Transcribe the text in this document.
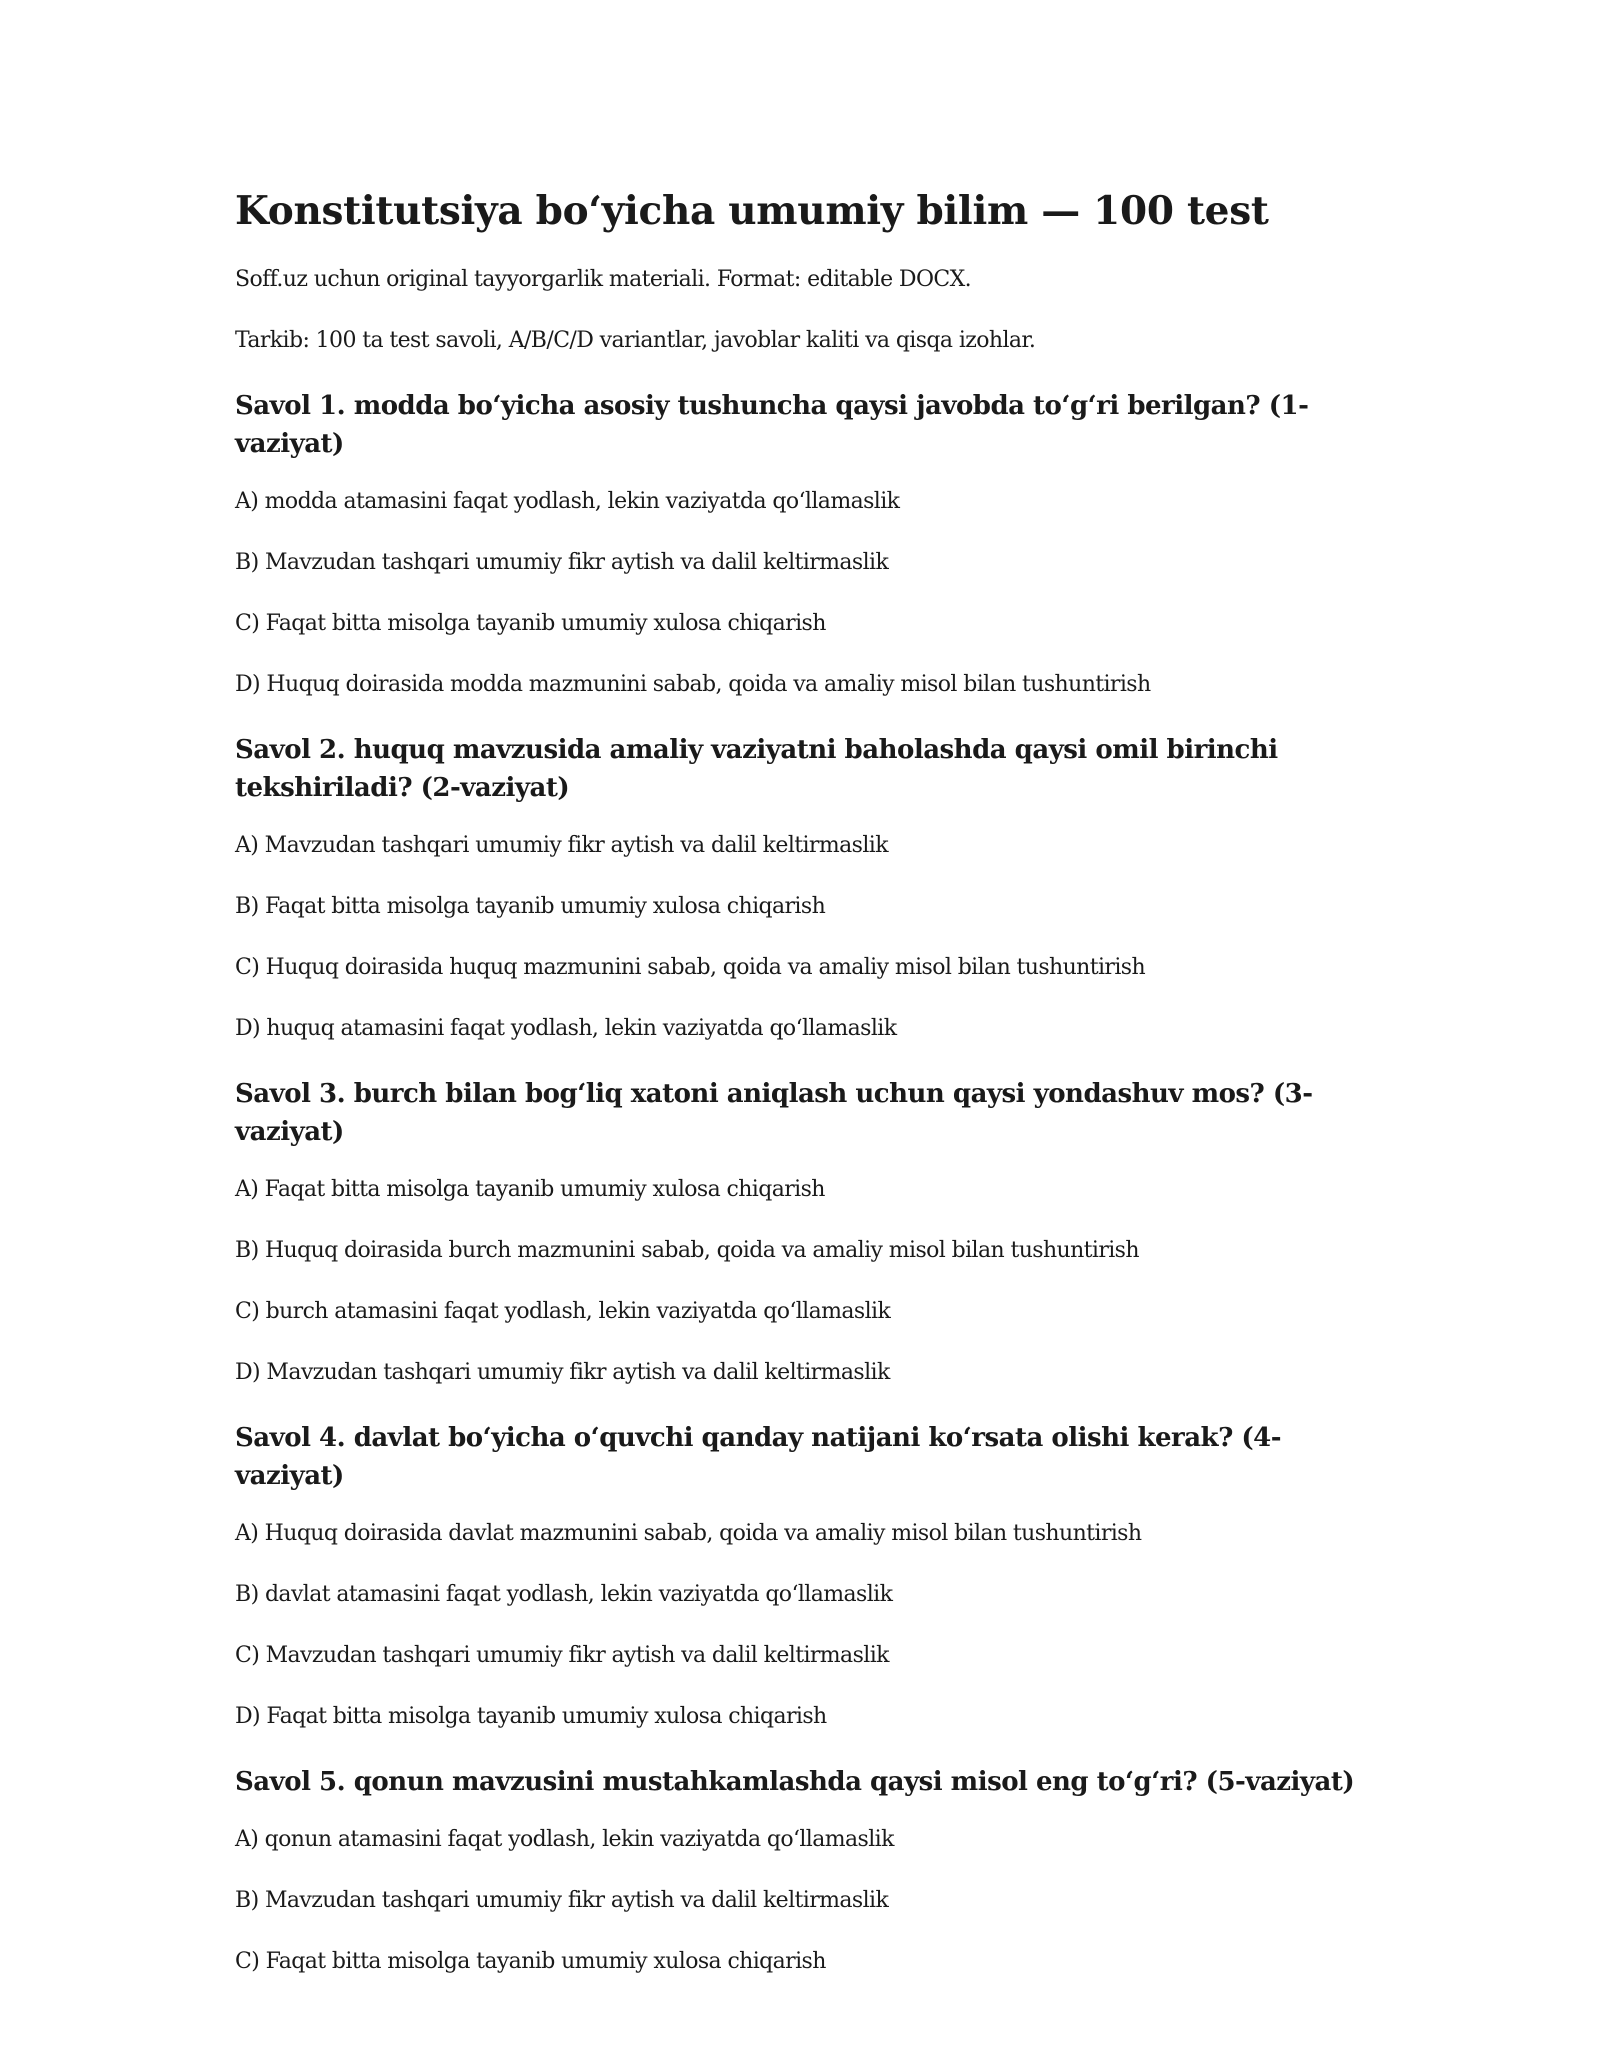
Konstitutsiya bo‘yicha umumiy bilim — 100 test

Soff.uz uchun original tayyorgarlik materiali. Format: editable DOCX.

Tarkib: 100 ta test savoli, A/B/C/D variantlar, javoblar kaliti va qisqa izohlar.

Savol 1. modda bo‘yicha asosiy tushuncha qaysi javobda to‘g‘ri berilgan? (1-vaziyat)

A) modda atamasini faqat yodlash, lekin vaziyatda qo‘llamaslik

B) Mavzudan tashqari umumiy fikr aytish va dalil keltirmaslik

C) Faqat bitta misolga tayanib umumiy xulosa chiqarish

D) Huquq doirasida modda mazmunini sabab, qoida va amaliy misol bilan tushuntirish

Savol 2. huquq mavzusida amaliy vaziyatni baholashda qaysi omil birinchi tekshiriladi? (2-vaziyat)

A) Mavzudan tashqari umumiy fikr aytish va dalil keltirmaslik

B) Faqat bitta misolga tayanib umumiy xulosa chiqarish

C) Huquq doirasida huquq mazmunini sabab, qoida va amaliy misol bilan tushuntirish

D) huquq atamasini faqat yodlash, lekin vaziyatda qo‘llamaslik

Savol 3. burch bilan bog‘liq xatoni aniqlash uchun qaysi yondashuv mos? (3-vaziyat)

A) Faqat bitta misolga tayanib umumiy xulosa chiqarish

B) Huquq doirasida burch mazmunini sabab, qoida va amaliy misol bilan tushuntirish

C) burch atamasini faqat yodlash, lekin vaziyatda qo‘llamaslik

D) Mavzudan tashqari umumiy fikr aytish va dalil keltirmaslik

Savol 4. davlat bo‘yicha o‘quvchi qanday natijani ko‘rsata olishi kerak? (4-vaziyat)

A) Huquq doirasida davlat mazmunini sabab, qoida va amaliy misol bilan tushuntirish

B) davlat atamasini faqat yodlash, lekin vaziyatda qo‘llamaslik

C) Mavzudan tashqari umumiy fikr aytish va dalil keltirmaslik

D) Faqat bitta misolga tayanib umumiy xulosa chiqarish

Savol 5. qonun mavzusini mustahkamlashda qaysi misol eng to‘g‘ri? (5-vaziyat)

A) qonun atamasini faqat yodlash, lekin vaziyatda qo‘llamaslik

B) Mavzudan tashqari umumiy fikr aytish va dalil keltirmaslik

C) Faqat bitta misolga tayanib umumiy xulosa chiqarish
